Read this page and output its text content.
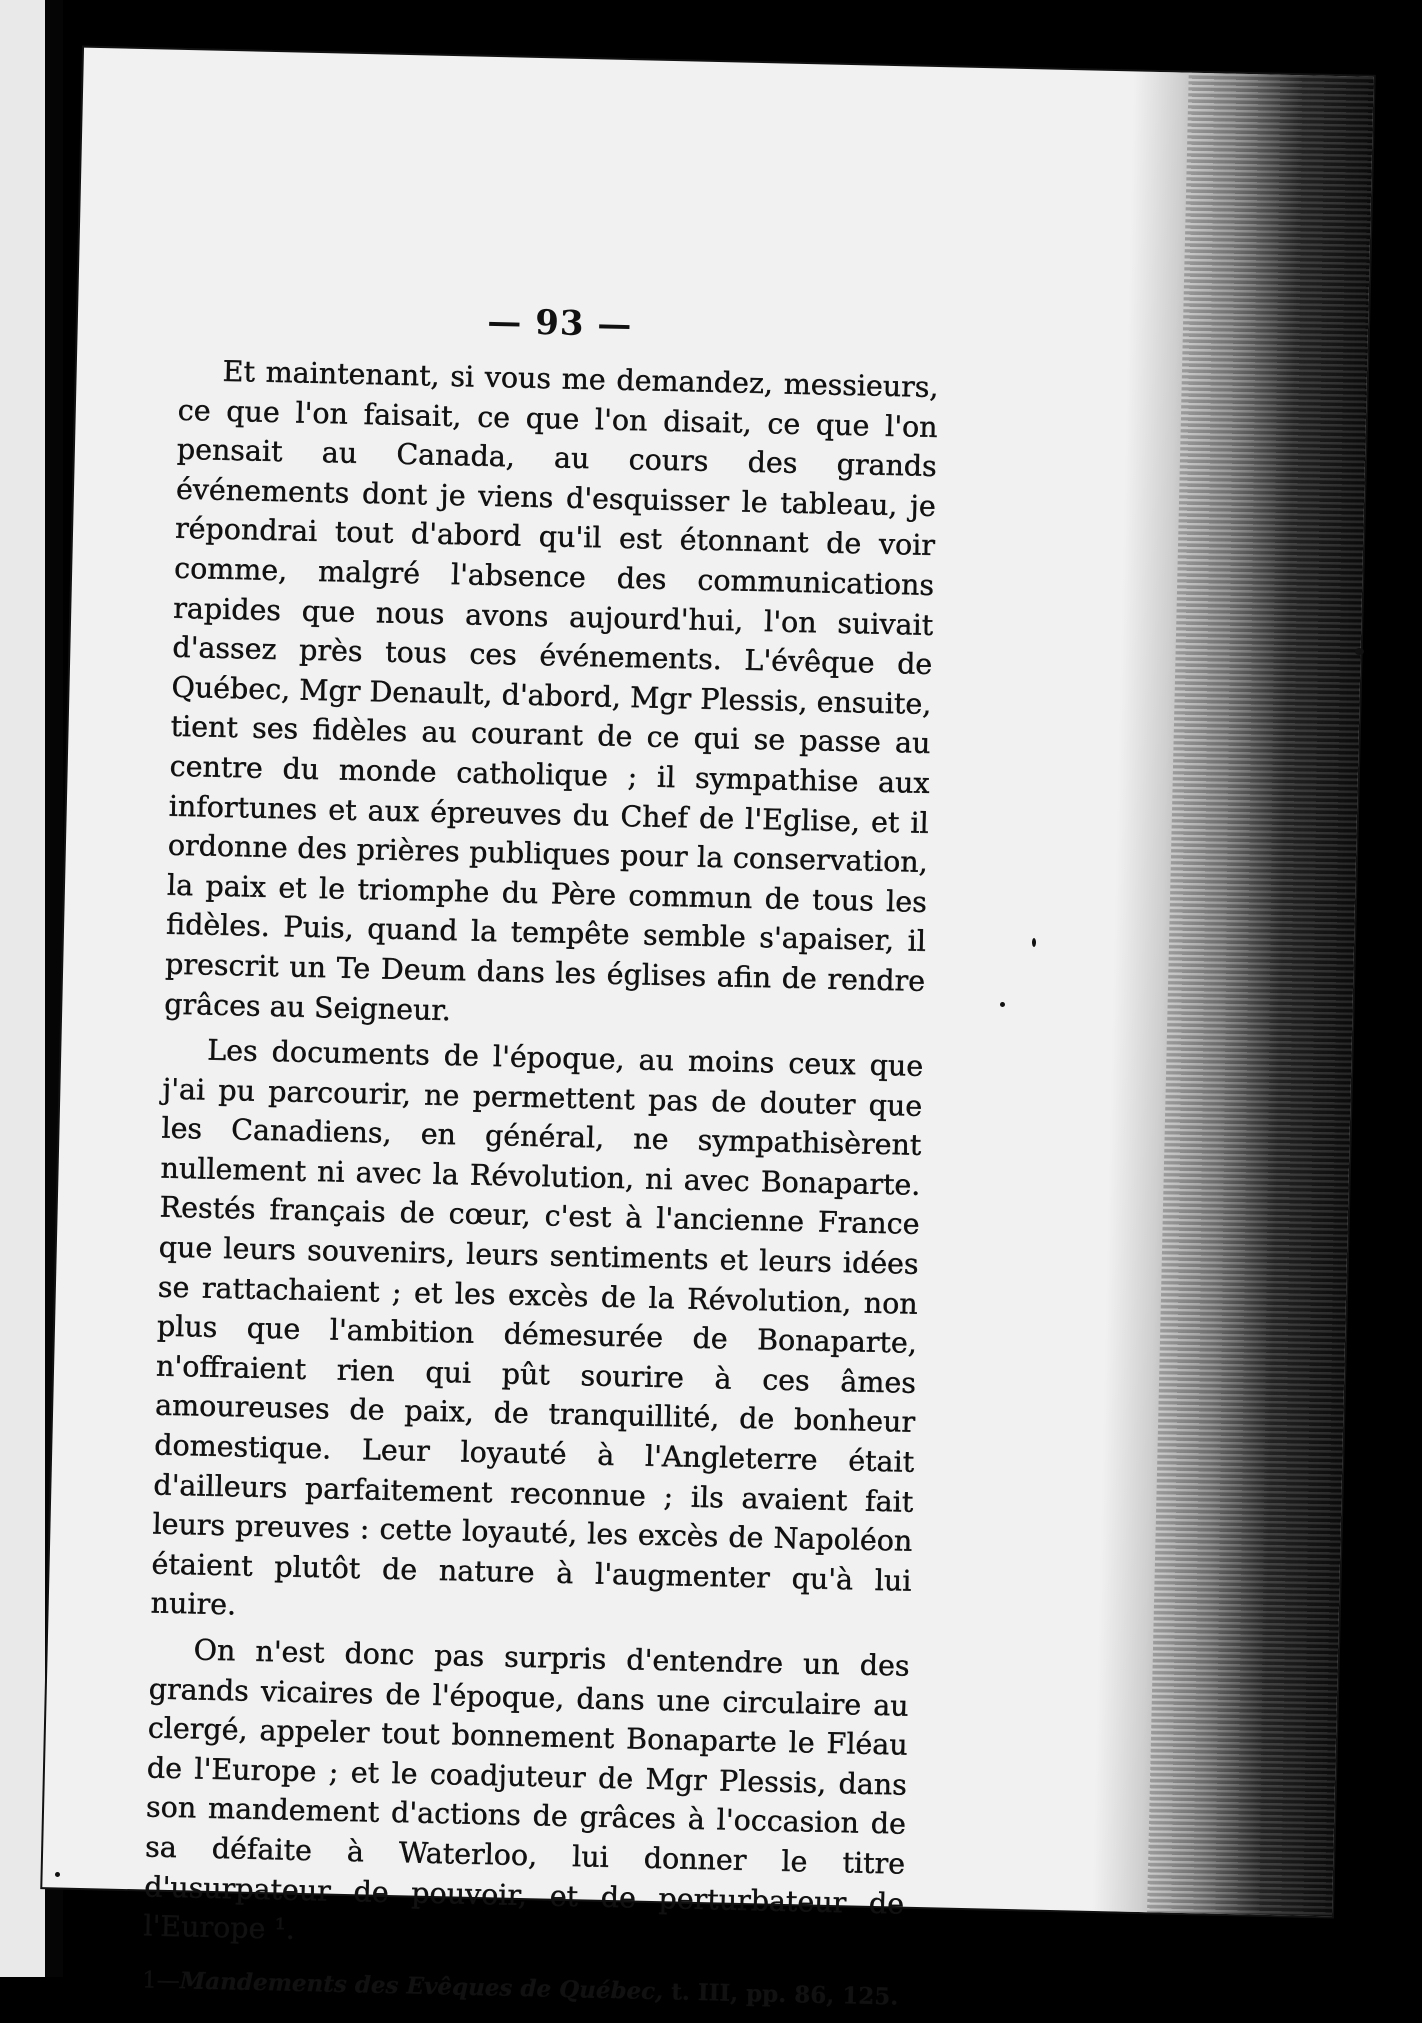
— 93 —

Et maintenant, si vous me demandez, messieurs, ce que l'on faisait, ce que l'on disait, ce que l'on pensait au Canada, au cours des grands événements dont je viens d'esquisser le tableau, je répondrai tout d'abord qu'il est étonnant de voir comme, malgré l'absence des communications rapides que nous avons aujourd'hui, l'on suivait d'assez près tous ces événements. L'évêque de Québec, Mgr Denault, d'abord, Mgr Plessis, ensuite, tient ses fidèles au courant de ce qui se passe au centre du monde catholique ; il sympathise aux infortunes et aux épreuves du Chef de l'Eglise, et il ordonne des prières publiques pour la conservation, la paix et le triomphe du Père commun de tous les fidèles. Puis, quand la tempête semble s'apaiser, il prescrit un Te Deum dans les églises afin de rendre grâces au Seigneur.

Les documents de l'époque, au moins ceux que j'ai pu parcourir, ne permettent pas de douter que les Canadiens, en général, ne sympathisèrent nullement ni avec la Révolution, ni avec Bonaparte. Restés français de cœur, c'est à l'ancienne France que leurs souvenirs, leurs sentiments et leurs idées se rattachaient ; et les excès de la Révolution, non plus que l'ambition démesurée de Bonaparte, n'offraient rien qui pût sourire à ces âmes amoureuses de paix, de tranquillité, de bonheur domestique. Leur loyauté à l'Angleterre était d'ailleurs parfaitement reconnue ; ils avaient fait leurs preuves : cette loyauté, les excès de Napoléon étaient plutôt de nature à l'augmenter qu'à lui nuire.

On n'est donc pas surpris d'entendre un des grands vicaires de l'époque, dans une circulaire au clergé, appeler tout bonnement Bonaparte le Fléau de l'Europe ; et le coadjuteur de Mgr Plessis, dans son mandement d'actions de grâces à l'occasion de sa défaite à Waterloo, lui donner le titre d'usurpateur de pouvoir, et de perturbateur de l'Europe ¹.

1—Mandements des Evêques de Québec, t. III, pp. 86, 125.
